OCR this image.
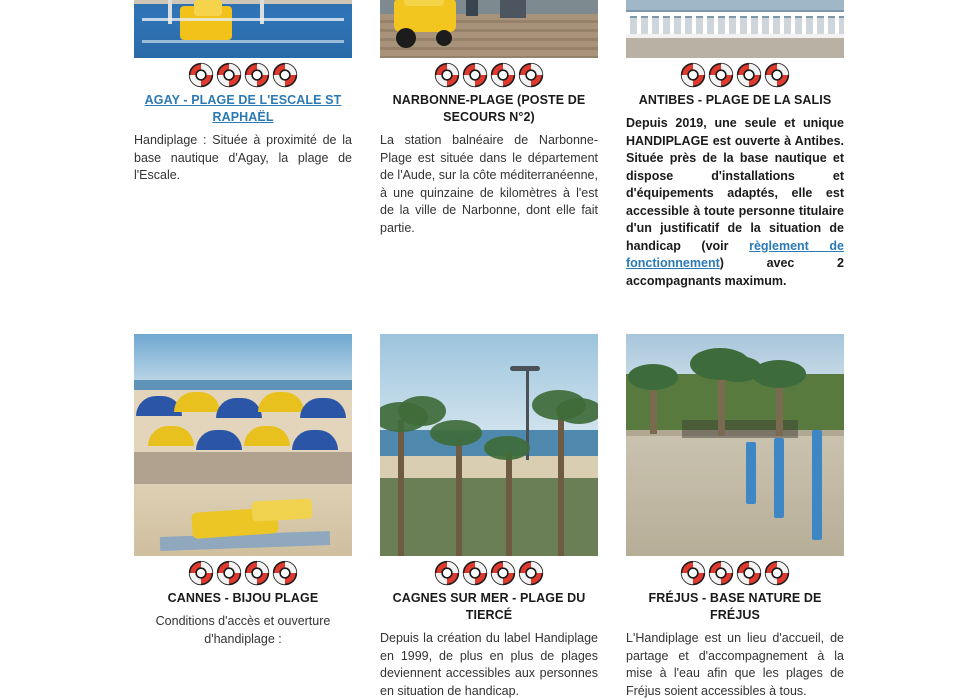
AGAY - PLAGE DE L'ESCALE ST RAPHAËL
Handiplage : Située à proximité de la base nautique d'Agay, la plage de l'Escale.
NARBONNE-PLAGE (POSTE DE SECOURS N°2)
La station balnéaire de Narbonne-Plage est située dans le département de l'Aude, sur la côte méditerranéenne, à une quinzaine de kilomètres à l'est de la ville de Narbonne, dont elle fait partie.
ANTIBES - PLAGE DE LA SALIS
Depuis 2019, une seule et unique HANDIPLAGE est ouverte à Antibes. Située près de la base nautique et dispose d'installations et d'équipements adaptés, elle est accessible à toute personne titulaire d'un justificatif de la situation de handicap (voir règlement de fonctionnement) avec 2 accompagnants maximum.
CANNES - BIJOU PLAGE
Conditions d'accès et ouverture d'handiplage :
CAGNES SUR MER - PLAGE DU TIERCÉ
Depuis la création du label Handiplage en 1999, de plus en plus de plages deviennent accessibles aux personnes en situation de handicap.
FRÉJUS - BASE NATURE DE FRÉJUS
L'Handiplage est un lieu d'accueil, de partage et d'accompagnement à la mise à l'eau afin que les plages de Fréjus soient accessibles à tous.
